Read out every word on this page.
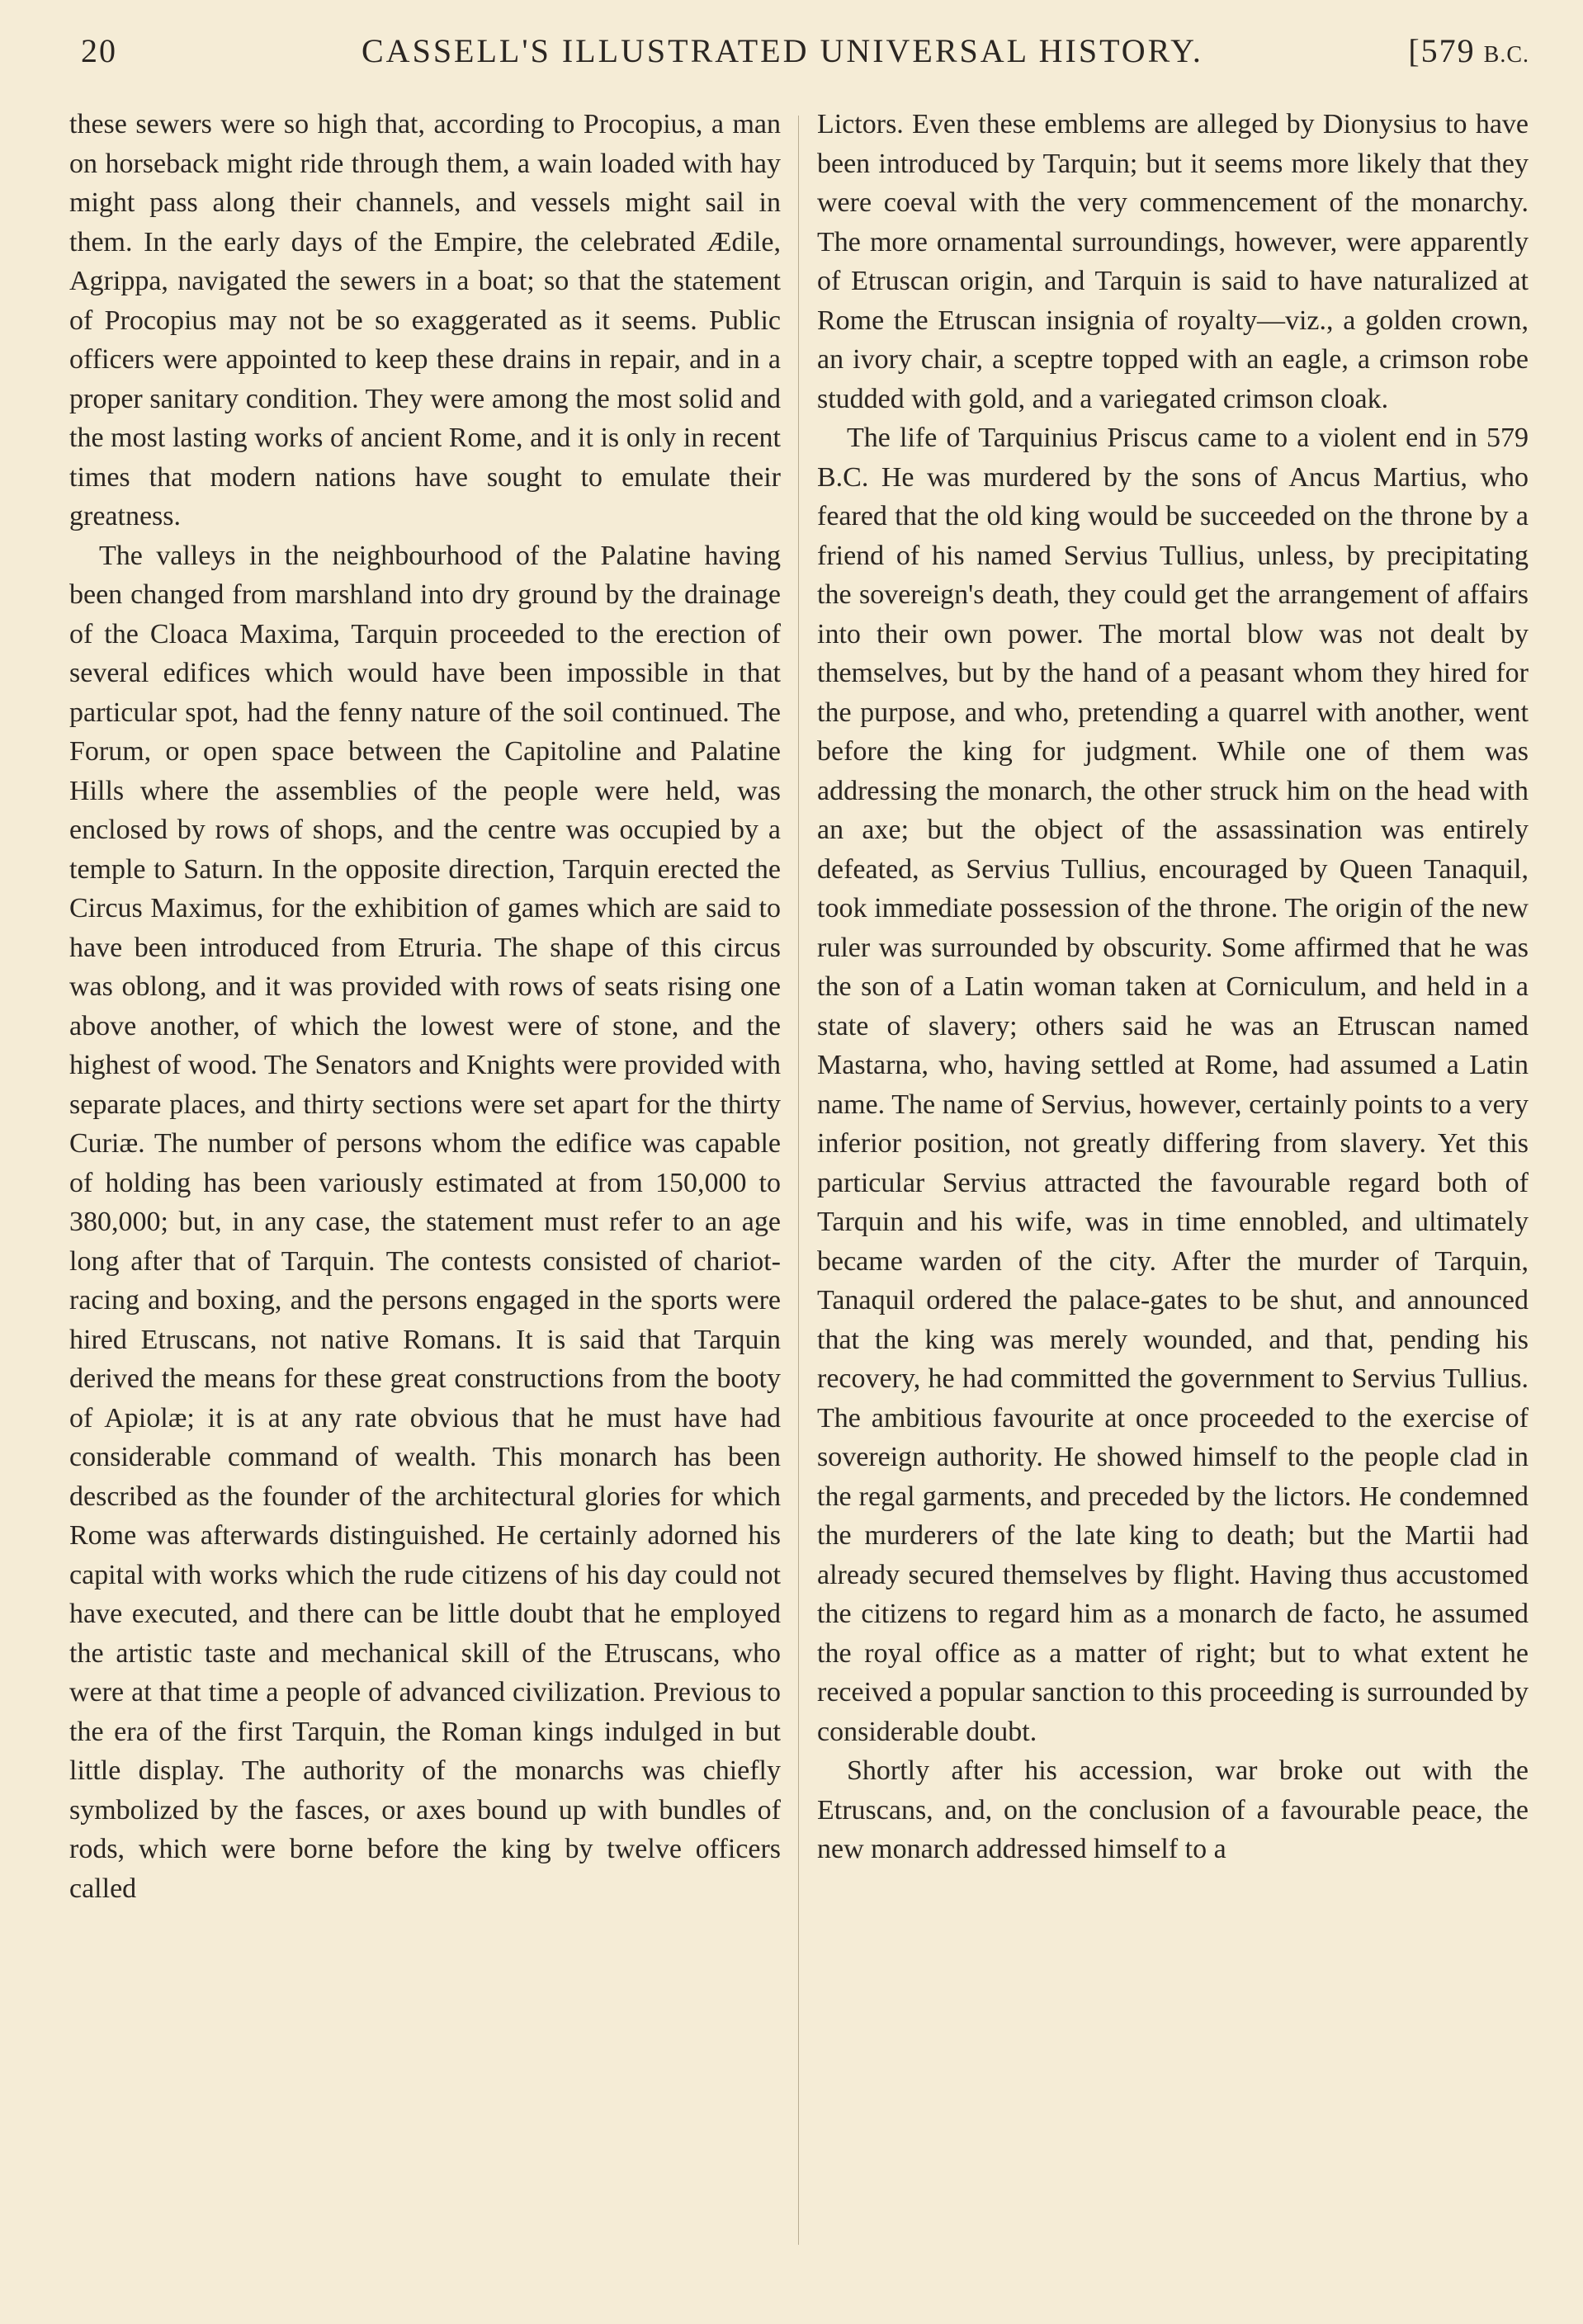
20	CASSELL'S ILLUSTRATED UNIVERSAL HISTORY.	[579 B.C.

these sewers were so high that, according to Procopius, a man on horseback might ride through them, a wain loaded with hay might pass along their channels, and vessels might sail in them. In the early days of the Empire, the celebrated Ædile, Agrippa, navigated the sewers in a boat; so that the statement of Procopius may not be so exaggerated as it seems. Public officers were appointed to keep these drains in repair, and in a proper sanitary condition. They were among the most solid and the most lasting works of ancient Rome, and it is only in recent times that modern nations have sought to emulate their greatness.

The valleys in the neighbourhood of the Palatine having been changed from marshland into dry ground by the drainage of the Cloaca Maxima, Tarquin proceeded to the erection of several edifices which would have been impossible in that particular spot, had the fenny nature of the soil continued. The Forum, or open space between the Capitoline and Palatine Hills where the assemblies of the people were held, was enclosed by rows of shops, and the centre was occupied by a temple to Saturn. In the opposite direction, Tarquin erected the Circus Maximus, for the exhibition of games which are said to have been introduced from Etruria. The shape of this circus was oblong, and it was provided with rows of seats rising one above another, of which the lowest were of stone, and the highest of wood. The Senators and Knights were provided with separate places, and thirty sections were set apart for the thirty Curiæ. The number of persons whom the edifice was capable of holding has been variously estimated at from 150,000 to 380,000; but, in any case, the statement must refer to an age long after that of Tarquin. The contests consisted of chariot-racing and boxing, and the persons engaged in the sports were hired Etruscans, not native Romans. It is said that Tarquin derived the means for these great constructions from the booty of Apiolæ; it is at any rate obvious that he must have had considerable command of wealth. This monarch has been described as the founder of the architectural glories for which Rome was afterwards distinguished. He certainly adorned his capital with works which the rude citizens of his day could not have executed, and there can be little doubt that he employed the artistic taste and mechanical skill of the Etruscans, who were at that time a people of advanced civilization. Previous to the era of the first Tarquin, the Roman kings indulged in but little display. The authority of the monarchs was chiefly symbolized by the fasces, or axes bound up with bundles of rods, which were borne before the king by twelve officers called

Lictors. Even these emblems are alleged by Dionysius to have been introduced by Tarquin; but it seems more likely that they were coeval with the very commencement of the monarchy. The more ornamental surroundings, however, were apparently of Etruscan origin, and Tarquin is said to have naturalized at Rome the Etruscan insignia of royalty—viz., a golden crown, an ivory chair, a sceptre topped with an eagle, a crimson robe studded with gold, and a variegated crimson cloak.

The life of Tarquinius Priscus came to a violent end in 579 B.C. He was murdered by the sons of Ancus Martius, who feared that the old king would be succeeded on the throne by a friend of his named Servius Tullius, unless, by precipitating the sovereign's death, they could get the arrangement of affairs into their own power. The mortal blow was not dealt by themselves, but by the hand of a peasant whom they hired for the purpose, and who, pretending a quarrel with another, went before the king for judgment. While one of them was addressing the monarch, the other struck him on the head with an axe; but the object of the assassination was entirely defeated, as Servius Tullius, encouraged by Queen Tanaquil, took immediate possession of the throne. The origin of the new ruler was surrounded by obscurity. Some affirmed that he was the son of a Latin woman taken at Corniculum, and held in a state of slavery; others said he was an Etruscan named Mastarna, who, having settled at Rome, had assumed a Latin name. The name of Servius, however, certainly points to a very inferior position, not greatly differing from slavery. Yet this particular Servius attracted the favourable regard both of Tarquin and his wife, was in time ennobled, and ultimately became warden of the city. After the murder of Tarquin, Tanaquil ordered the palace-gates to be shut, and announced that the king was merely wounded, and that, pending his recovery, he had committed the government to Servius Tullius. The ambitious favourite at once proceeded to the exercise of sovereign authority. He showed himself to the people clad in the regal garments, and preceded by the lictors. He condemned the murderers of the late king to death; but the Martii had already secured themselves by flight. Having thus accustomed the citizens to regard him as a monarch de facto, he assumed the royal office as a matter of right; but to what extent he received a popular sanction to this proceeding is surrounded by considerable doubt.

Shortly after his accession, war broke out with the Etruscans, and, on the conclusion of a favourable peace, the new monarch addressed himself to a
